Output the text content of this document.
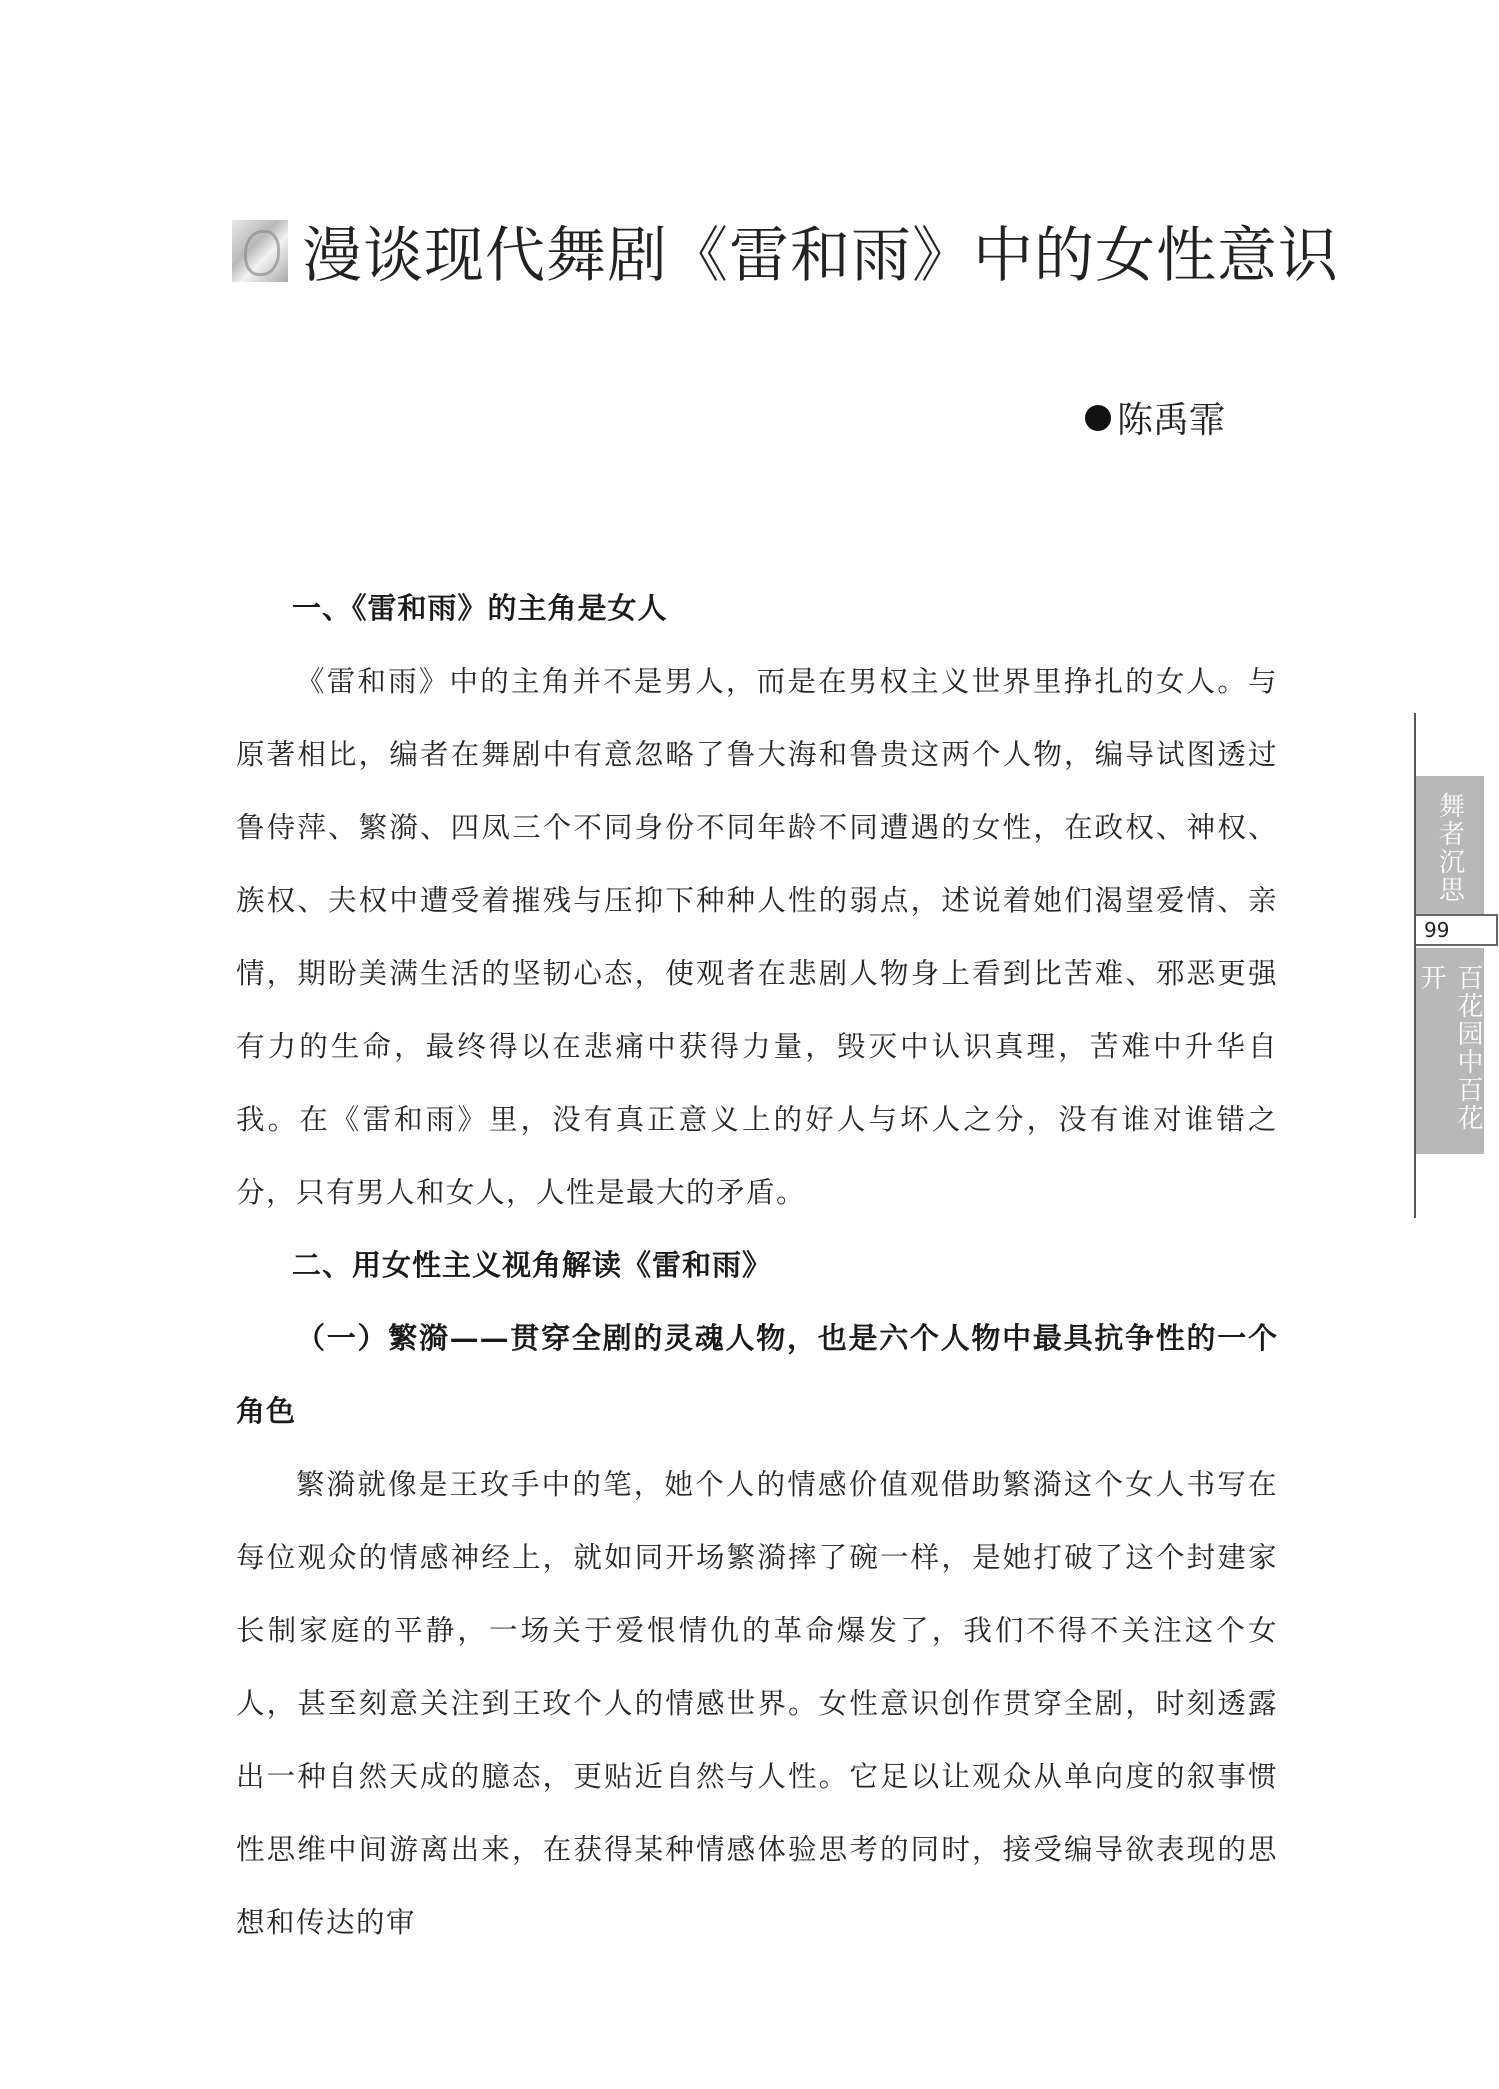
漫谈现代舞剧《雷和雨》中的女性意识
陈禹霏
一、《雷和雨》的主角是女人

《雷和雨》中的主角并不是男人，而是在男权主义世界里挣扎的女人。与原著相比，编者在舞剧中有意忽略了鲁大海和鲁贵这两个人物，编导试图透过鲁侍萍、繁漪、四凤三个不同身份不同年龄不同遭遇的女性，在政权、神权、族权、夫权中遭受着摧残与压抑下种种人性的弱点，述说着她们渴望爱情、亲情，期盼美满生活的坚韧心态，使观者在悲剧人物身上看到比苦难、邪恶更强有力的生命，最终得以在悲痛中获得力量，毁灭中认识真理，苦难中升华自我。在《雷和雨》里，没有真正意义上的好人与坏人之分，没有谁对谁错之分，只有男人和女人，人性是最大的矛盾。

二、用女性主义视角解读《雷和雨》
（一）繁漪——贯穿全剧的灵魂人物，也是六个人物中最具抗争性的一个角色

繁漪就像是王玫手中的笔，她个人的情感价值观借助繁漪这个女人书写在每位观众的情感神经上，就如同开场繁漪摔了碗一样，是她打破了这个封建家长制家庭的平静，一场关于爱恨情仇的革命爆发了，我们不得不关注这个女人，甚至刻意关注到王玫个人的情感世界。女性意识创作贯穿全剧，时刻透露出一种自然天成的臆态，更贴近自然与人性。它足以让观众从单向度的叙事惯性思维中间游离出来，在获得某种情感体验思考的同时，接受编导欲表现的思想和传达的审

舞者沉思
99
百花园中百花开
